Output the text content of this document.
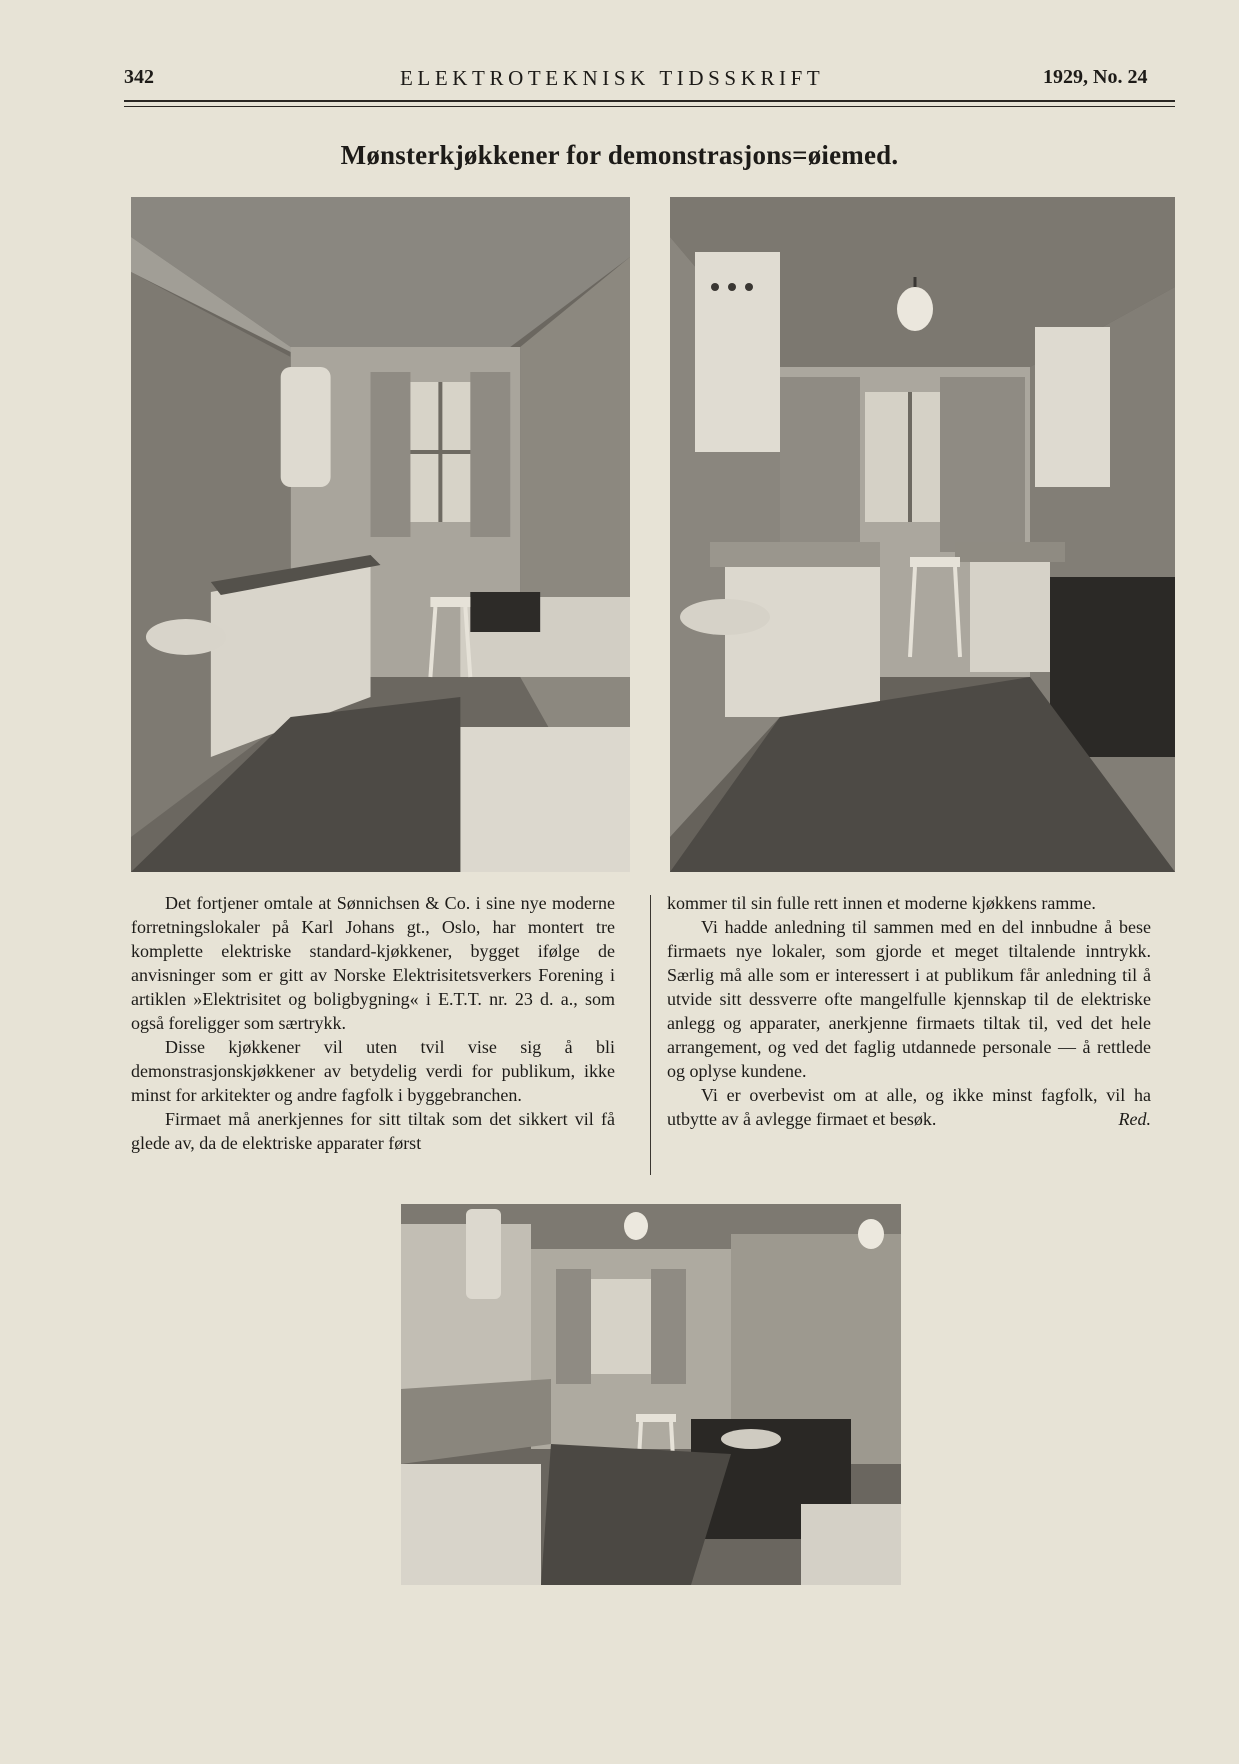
342	ELEKTROTEKNISK TIDSSKRIFT	1929, No. 24
Mønsterkjøkkener for demonstrasjons=øiemed.

Det fortjener omtale at Sønnichsen & Co. i sine nye moderne forretningslokaler på Karl Johans gt., Oslo, har montert tre komplette elektriske standard-kjøkkener, bygget ifølge de anvisninger som er gitt av Norske Elektrisitetsverkers Forening i artiklen »Elektrisitet og boligbygning« i E.T.T. nr. 23 d. a., som også foreligger som særtrykk.

Disse kjøkkener vil uten tvil vise sig å bli demonstrasjonskjøkkener av betydelig verdi for publikum, ikke minst for arkitekter og andre fagfolk i byggebranchen.

Firmaet må anerkjennes for sitt tiltak som det sikkert vil få glede av, da de elektriske apparater først

kommer til sin fulle rett innen et moderne kjøkkens ramme.

Vi hadde anledning til sammen med en del innbudne å bese firmaets nye lokaler, som gjorde et meget tiltalende inntrykk. Særlig må alle som er interessert i at publikum får anledning til å utvide sitt dessverre ofte mangelfulle kjennskap til de elektriske anlegg og apparater, anerkjenne firmaets tiltak til, ved det hele arrangement, og ved det faglig utdannede personale — å rettlede og oplyse kundene.

Vi er overbevist om at alle, og ikke minst fagfolk, vil ha utbytte av å avlegge firmaet et besøk.	Red.
